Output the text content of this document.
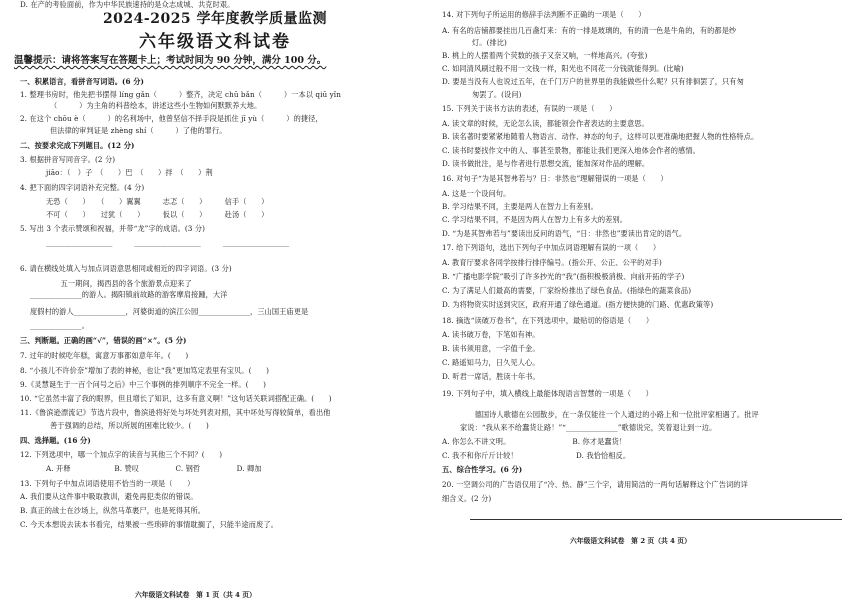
2024-2025 学年度教学质量监测
六年级语文科试卷
温馨提示：请将答案写在答题卡上；考试时间为 90 分钟，满分 100 分。
一、积累语言，看拼音写词语。(6 分)
1. 整理书房时，他先把书摆得 líng gǎn（　　　）整齐，决定 chū bǎn（　　　）一本以 qiū yǐn
（　　　）为主角的科普绘本，讲述这些小生物如何默默养大地。
2. 在这个 chōu è（　　　）的名利场中，他曾坚信不择手段是抓住 jī yù（　　　）的捷径，
但法律的审判证是 zhèng shí（　　　）了他的罪行。
二、按要求完成下列题目。(12 分)
3. 根据拼音写同音字。(2 分)
jiāo：（　）子　（　　）巴　（　　）拌　（　　）荆
4. 把下面的四字词语补充完整。(4 分)
无恐（　　）　　（　　）翼翼　　　志忑（　　）　　　信手（　　）
不可（　　）　　过犹（　　）　　　仮以（　　）　　　赴汤（　　）
5. 写出 3 个表示赞颂和祝福，并带“龙”字的成语。(3 分)
__________________　　　__________________　　　__________________
6. 请在横线处填入与加点词语意思相同或相近的四字词语。(3 分)
　　五一期间，揭西县的各个旅游景点迎来了
______________的游人。揭阳镇前故路的游客摩肩接踵，大洋
度假村的游人______________，河婆街道的滨江公园______________，三山国王庙更是
______________。
三、判断题。正确的画“√”，错误的画“×”。(5 分)
7. 过年的时候吃年糕，寓意万事都如意年年。(　　)
8. “小孩儿不许价奈”增加了表的神秘，也让“我”更加笃定表里有宝贝。(　　)
9.《灵慧诞生于一百个问号之后》中三个事例的排列顺序不完全一样。(　　)
10. “它虽然丰富了我的眼界，但且增长了知识，这多有意义啊！”这句话关联词搭配正确。(　　)
11.《鲁滨逊漂流记》节选片段中，鲁滨逊将好处与坏处列表对照，其中坏处写得较简单，看出他
善于强调的总结，所以所展的困难比较少。(　　)
四、选择题。(16 分)
12. 下列选项中，哪一个加点字的读音与其他三个不同？(　　)
A. 开释　　　　　　B. 赞叹　　　　　C. 钢哲　　　　　D. 卿加
13. 下列句子中加点词语使用不恰当的一项是（　　）
A. 我们要从这件事中吸取教训，避免再犯类似的错误。
B. 真正的战士在沙场上，纵然马革裹尸，也是死得其所。
C. 今天本想说去读本书看完，结果被一些琐碎的事情耽搁了，只能半途而废了。
D. 在产的考验面前，作为中华民族速持的是众志成城、共克时艰。
六年级语文科试卷　第 1 页（共 4 页）
14. 对下列句子所运用的修辞手法判断不正确的一项是（　　）
A. 有名的店铺都要挂出几百盏灯来：有的一排是玻璃的，有的清一色是牛角的，有的都是纱
灯。(排比)
B. 桃上的人摆着两个荧数的孩子又奈又响，一样地高兴。(夸张)
C. 如同清风刷过般不用一文钱一样，阳光也不同花一分钱就能得到。(比喻)
D. 要是当没有人也说过五年，在千门万户的世界里的我能做些什么呢？只有徘徊罢了，只有匆
匆罢了。(设问)
15. 下列关于读书方法的表述，有误的一项是（　　）
A. 读文章的时候，无论怎么读，都能领会作者表达的主要意思。
B. 读名著时要紧紧地随着人物语言、动作、神态的句子，这样可以更准确地把握人物的性格特点。
C. 读书时要找作文中的人、事甚至景物，都能让我们更深入地体会作者的感情。
D. 读书做批注，是与作者进行思想交流，能加深对作品的理解。
16. 对句子“为是其智弗若与？日：非然也”理解错误的一项是（　　）
A. 这是一个设问句。
B. 学习结果不同，主要是两人在智力上有差别。
C. 学习结果不同，不是因为两人在智力上有多大的差别。
D. “为是其智弗若与”要读出反问的语气，“日：非然也”要读出肯定的语气。
17. 给下列语句，选出下列句子中加点词语理解有误的一项（　　）
A. 教育厅要求各同学按排行排序编号。(指公开、公正、公平的对手)
B. “广播电影学院”吸引了许多抄光的“我”(指积极极消极、向前开拓的学子)
C. 为了满足人们最高的需要，厂家纷纷推出了绿色食品。(指绿色的蔬菜食品)
D. 为将物资实时送到灾区，政府开通了绿色通道。(指方便快捷的门路、优惠政策等)
18. 摘选“读破万卷书”，在下列选项中，最贴切的俗语是（　　）
A. 读书破万卷，下笔如有神。
B. 读书须用意，一字值千金。
C. 路遥知马力，日久见人心。
D. 听君一席话，胜读十年书。
19. 下列句子中，填入横线上最能体现语言智慧的一项是（　　）
　　德国诗人歌德在公园散步，在一条仅能往一个人通过的小路上和一位批评家相遇了。批评
家说：“我从来不给蠢货让路！”“______________”歌德说完，笑着退让到一边。
A. 你怎么不讲文明。　　　　　　　　　B. 你才是蠢货！
C. 我不和你斤斤计较！　　　　　　　　D. 我恰恰相反。
五、综合性学习。(6 分)
20. 一空调公司的广告语仅用了“冷、热、静”三个字，请用简洁的一两句话解释这个广告词的详
细含义。(2 分)
六年级语文科试卷　第 2 页（共 4 页）
